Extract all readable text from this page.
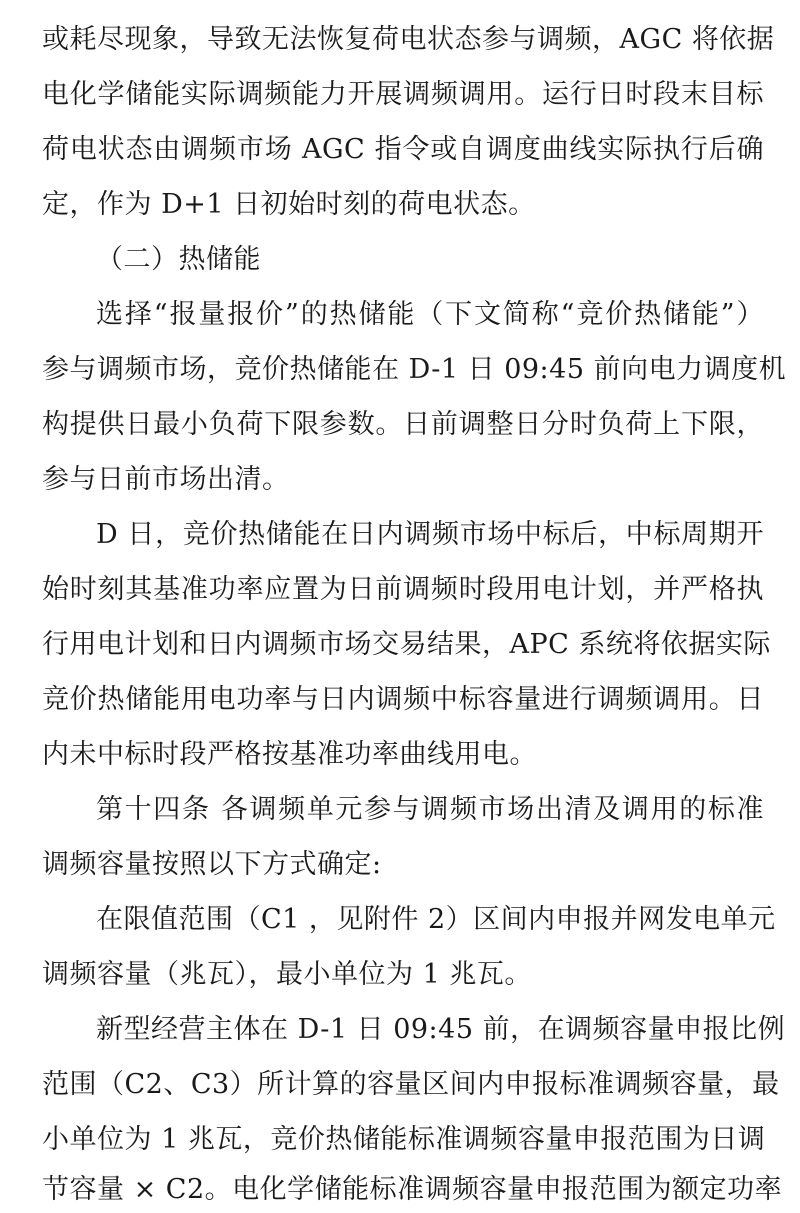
或耗尽现象，导致无法恢复荷电状态参与调频，AGC 将依据
电化学储能实际调频能力开展调频调用。运行日时段末目标
荷电状态由调频市场 AGC 指令或自调度曲线实际执行后确
定，作为 D+1 日初始时刻的荷电状态。
（二）热储能
选择“报量报价”的热储能（下文简称“竞价热储能”）
参与调频市场，竞价热储能在 D-1 日 09:45 前向电力调度机
构提供日最小负荷下限参数。日前调整日分时负荷上下限，
参与日前市场出清。
D 日，竞价热储能在日内调频市场中标后，中标周期开
始时刻其基准功率应置为日前调频时段用电计划，并严格执
行用电计划和日内调频市场交易结果，APC 系统将依据实际
竞价热储能用电功率与日内调频中标容量进行调频调用。日
内未中标时段严格按基准功率曲线用电。
第十四条 各调频单元参与调频市场出清及调用的标准
调频容量按照以下方式确定:
在限值范围（C1 ，见附件 2）区间内申报并网发电单元
调频容量（兆瓦），最小单位为 1 兆瓦。
新型经营主体在 D-1 日 09:45 前，在调频容量申报比例
范围（C2、C3）所计算的容量区间内申报标准调频容量，最
小单位为 1 兆瓦，竞价热储能标准调频容量申报范围为日调
节容量 × C2。电化学储能标准调频容量申报范围为额定功率
